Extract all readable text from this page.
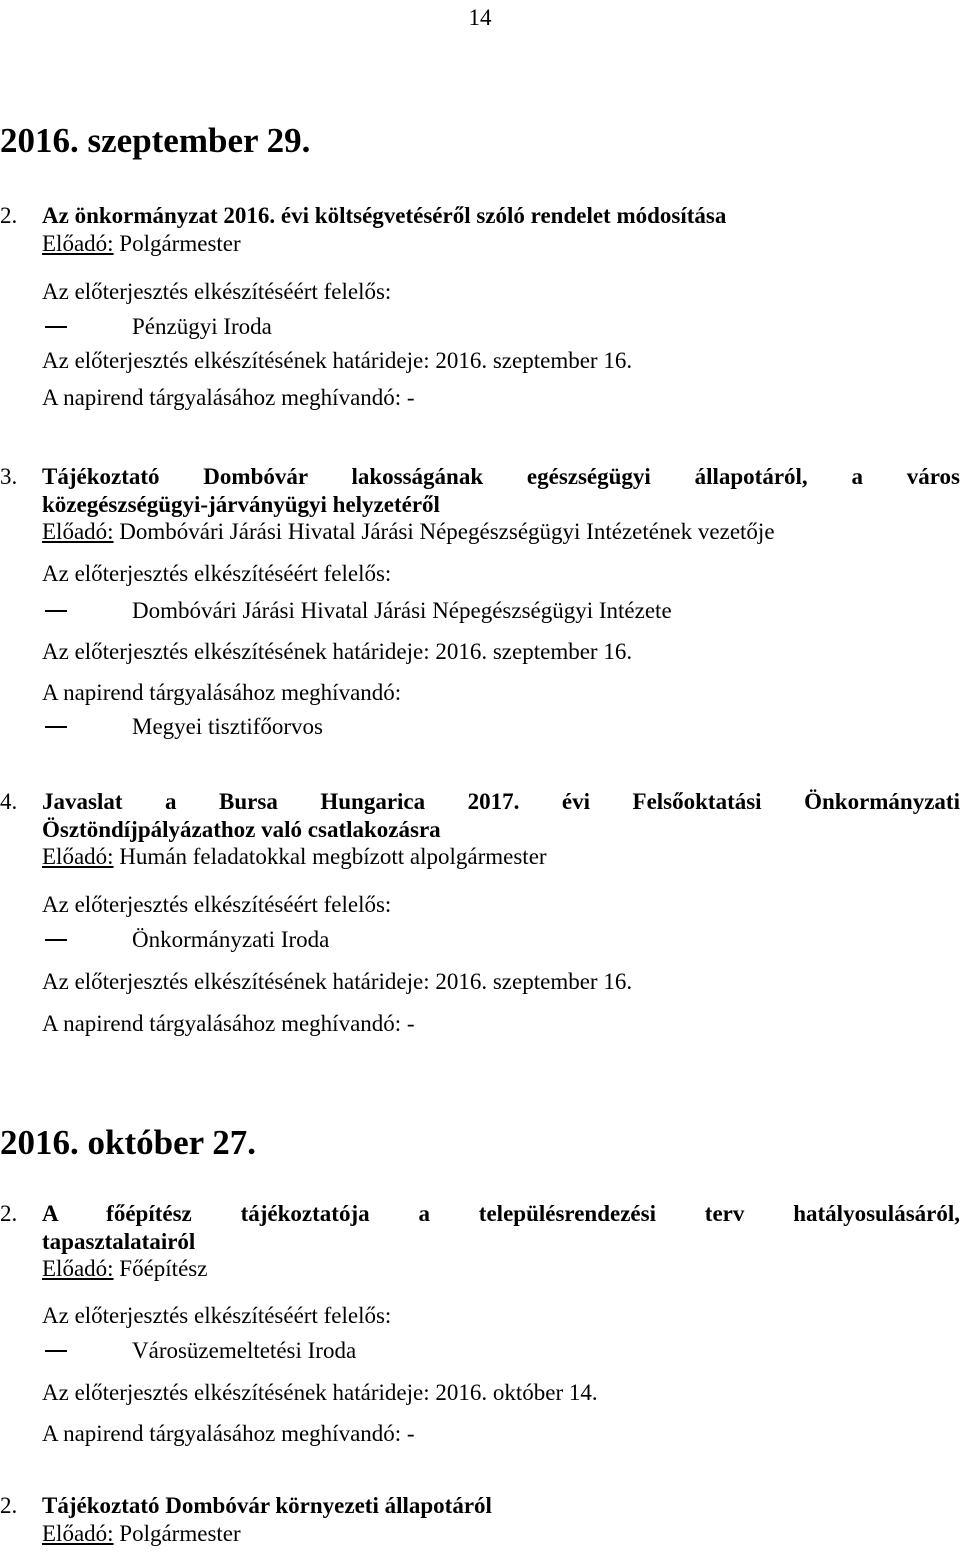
14
2016. szeptember 29.
2.	Az önkormányzat 2016. évi költségvetéséről szóló rendelet módosítása
Előadó: Polgármester
Az előterjesztés elkészítéséért felelős:
Pénzügyi Iroda
Az előterjesztés elkészítésének határideje: 2016. szeptember 16.
A napirend tárgyalásához meghívandó: -
3.	Tájékoztató Dombóvár lakosságának egészségügyi állapotáról, a város
közegészségügyi-járványügyi helyzetéről
Előadó: Dombóvári Járási Hivatal Járási Népegészségügyi Intézetének vezetője
Az előterjesztés elkészítéséért felelős:
Dombóvári Járási Hivatal Járási Népegészségügyi Intézete
Az előterjesztés elkészítésének határideje: 2016. szeptember 16.
A napirend tárgyalásához meghívandó:
Megyei tisztifőorvos
4.	Javaslat a Bursa Hungarica 2017. évi Felsőoktatási Önkormányzati
Ösztöndíjpályázathoz való csatlakozásra
Előadó: Humán feladatokkal megbízott alpolgármester
Az előterjesztés elkészítéséért felelős:
Önkormányzati Iroda
Az előterjesztés elkészítésének határideje: 2016. szeptember 16.
A napirend tárgyalásához meghívandó: -
2016. október 27.
2.	A főépítész tájékoztatója a településrendezési terv hatályosulásáról,
tapasztalatairól
Előadó: Főépítész
Az előterjesztés elkészítéséért felelős:
Városüzemeltetési Iroda
Az előterjesztés elkészítésének határideje: 2016. október 14.
A napirend tárgyalásához meghívandó: -
2.	Tájékoztató Dombóvár környezeti állapotáról
Előadó: Polgármester
